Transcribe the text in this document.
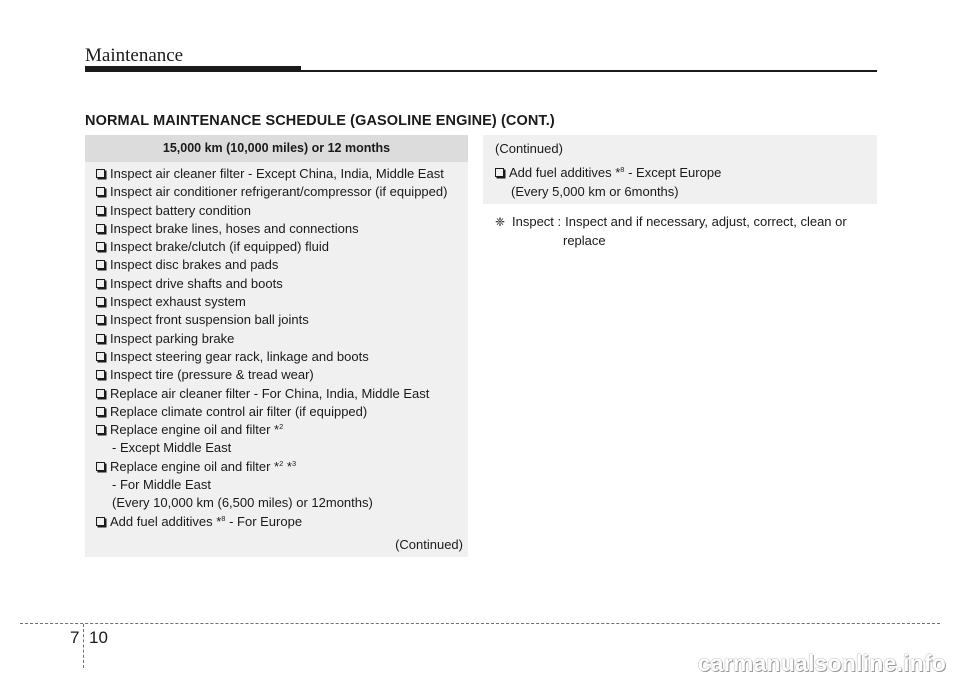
Maintenance
NORMAL MAINTENANCE SCHEDULE (GASOLINE ENGINE) (CONT.)
15,000 km (10,000 miles) or 12 months
Inspect air cleaner filter - Except China, India, Middle East
Inspect air conditioner refrigerant/compressor (if equipped)
Inspect battery condition
Inspect brake lines, hoses and connections
Inspect brake/clutch (if equipped) fluid
Inspect disc brakes and pads
Inspect drive shafts and boots
Inspect exhaust system
Inspect front suspension ball joints
Inspect parking brake
Inspect steering gear rack, linkage and boots
Inspect tire (pressure & tread wear)
Replace air cleaner filter - For China, India, Middle East
Replace climate control air filter (if equipped)
Replace engine oil and filter *$^2$
- Except Middle East
Replace engine oil and filter *$^2$ *$^3$
- For Middle East
(Every 10,000 km (6,500 miles) or 12months)
Add fuel additives *$^8$ - For Europe
(Continued)
(Continued)
Add fuel additives *$^8$ - Except Europe
(Every 5,000 km or 6months)
❈ Inspect : Inspect and if necessary, adjust, correct, clean or
replace
7 10
carmanualsonline.info
